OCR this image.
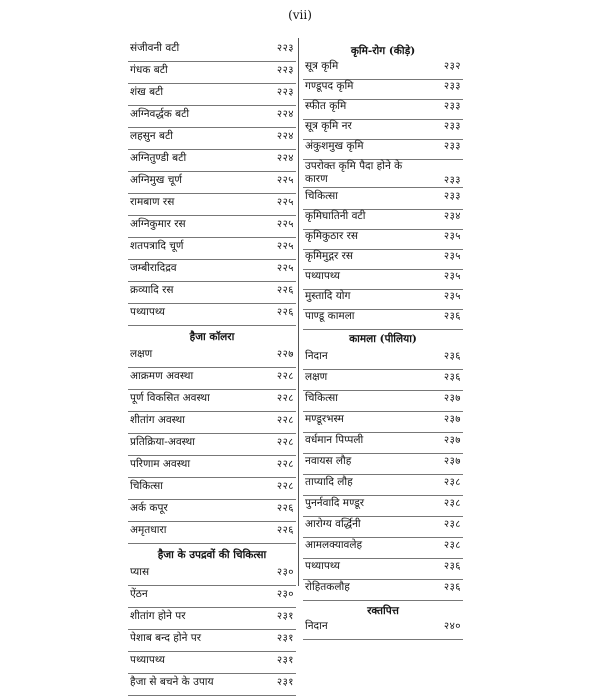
(vii)
संजीवनी वटी	२२३
गंधक बटी	२२३
शंख बटी	२२३
अग्निवर्द्धक बटी	२२४
लहसुन बटी	२२४
अग्नितुण्डी बटी	२२४
अग्निमुख चूर्ण	२२५
रामबाण रस	२२५
अग्निकुमार रस	२२५
शतपत्रादि चूर्ण	२२५
जम्बीरादिद्रव	२२५
क्रव्यादि रस	२२६
पथ्यापथ्य	२२६
हैजा कॉलरा
लक्षण	२२७
आक्रमण अवस्था	२२८
पूर्ण विकसित अवस्था	२२८
शीतांग अवस्था	२२८
प्रतिक्रिया-अवस्था	२२८
परिणाम अवस्था	२२८
चिकित्सा	२२८
अर्क कपूर	२२६
अमृतधारा	२२६
हैजा के उपद्रवों की चिकित्सा
प्यास	२३०
ऐंठन	२३०
शीतांग होने पर	२३१
पेशाब बन्द होने पर	२३१
पथ्यापथ्य	२३१
हैजा से बचने के उपाय	२३१
कृमि-रोग (कीड़े)
सूत्र कृमि	२३२
गण्डूपद कृमि	२३३
स्फीत कृमि	२३३
सूत्र कृमि नर	२३३
अंकुशमुख कृमि	२३३
उपरोक्त कृमि पैदा होने के कारण	२३३
चिकित्सा	२३३
कृमिघातिनी वटी	२३४
कृमिकुठार रस	२३५
कृमिमुद्गर रस	२३५
पथ्यापथ्य	२३५
मुस्तादि योग	२३५
पाण्डू कामला	२३६
कामला (पीलिया)
निदान	२३६
लक्षण	२३६
चिकित्सा	२३७
मण्डूरभस्म	२३७
वर्धमान पिप्पली	२३७
नवायस लौह	२३७
ताप्यादि लौह	२३८
पुनर्नवादि मण्डूर	२३८
आरोग्य वर्द्धिनी	२३८
आमलक्यावलेह	२३८
पथ्यापथ्य	२३६
रोहितकलौह	२३६
रक्तपित्त
निदान	२४०
